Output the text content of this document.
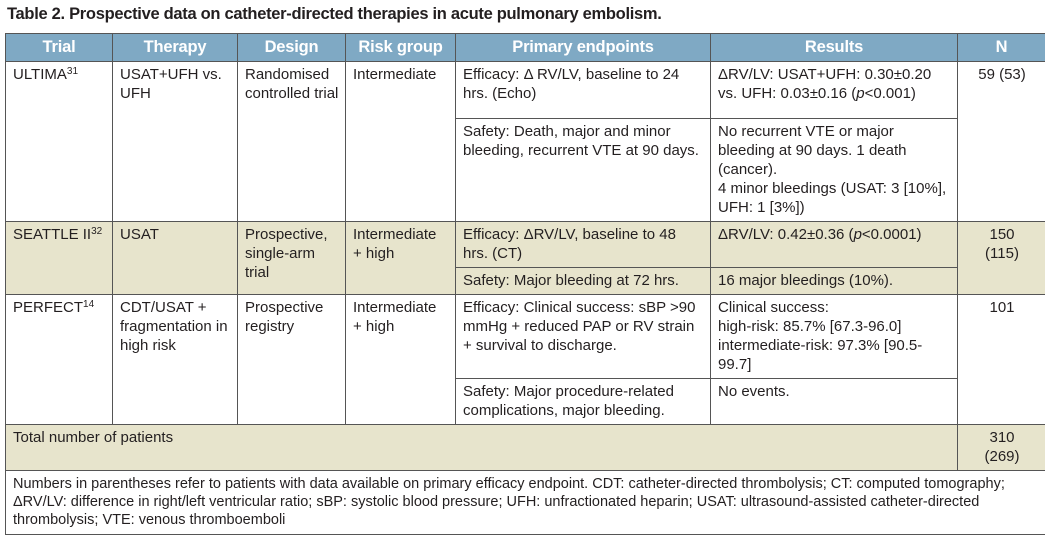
Table 2. Prospective data on catheter-directed therapies in acute pulmonary embolism.
Trial	Therapy	Design	Risk group	Primary endpoints	Results	N
ULTIMA$^{31}$	USAT+UFH vs. UFH	Randomised controlled trial	Intermediate	Efficacy: Δ RV/LV, baseline to 24 hrs. (Echo)	ΔRV/LV: USAT+UFH: 0.30±0.20 vs. UFH: 0.03±0.16 (p<0.001)	59 (53)
				Safety: Death, major and minor bleeding, recurrent VTE at 90 days.	No recurrent VTE or major bleeding at 90 days. 1 death (cancer).
4 minor bleedings (USAT: 3 [10%], UFH: 1 [3%])	

SEATTLE II$^{32}$	USAT	Prospective, single-arm trial	Intermediate + high	Efficacy: ΔRV/LV, baseline to 48 hrs. (CT)	ΔRV/LV: 0.42±0.36 (p<0.0001)	150
(115)

				Safety: Major bleeding at 72 hrs.	16 major bleedings (10%).	
PERFECT$^{14}$	CDT/USAT + fragmentation in high risk	Prospective registry	Intermediate + high	Efficacy: Clinical success: sBP >90 mmHg + reduced PAP or RV strain + survival to discharge.	Clinical success:
high-risk: 85.7% [67.3-96.0]
intermediate-risk: 97.3% [90.5-99.7]	101
				Safety: Major procedure-related complications, major bleeding.	No events.	
Total number of patients						310
(269)

Numbers in parentheses refer to patients with data available on primary efficacy endpoint. CDT: catheter-directed thrombolysis; CT: computed tomography; ΔRV/LV: difference in right/left ventricular ratio; sBP: systolic blood pressure; UFH: unfractionated heparin; USAT: ultrasound-assisted catheter-directed thrombolysis; VTE: venous thromboemboli						
